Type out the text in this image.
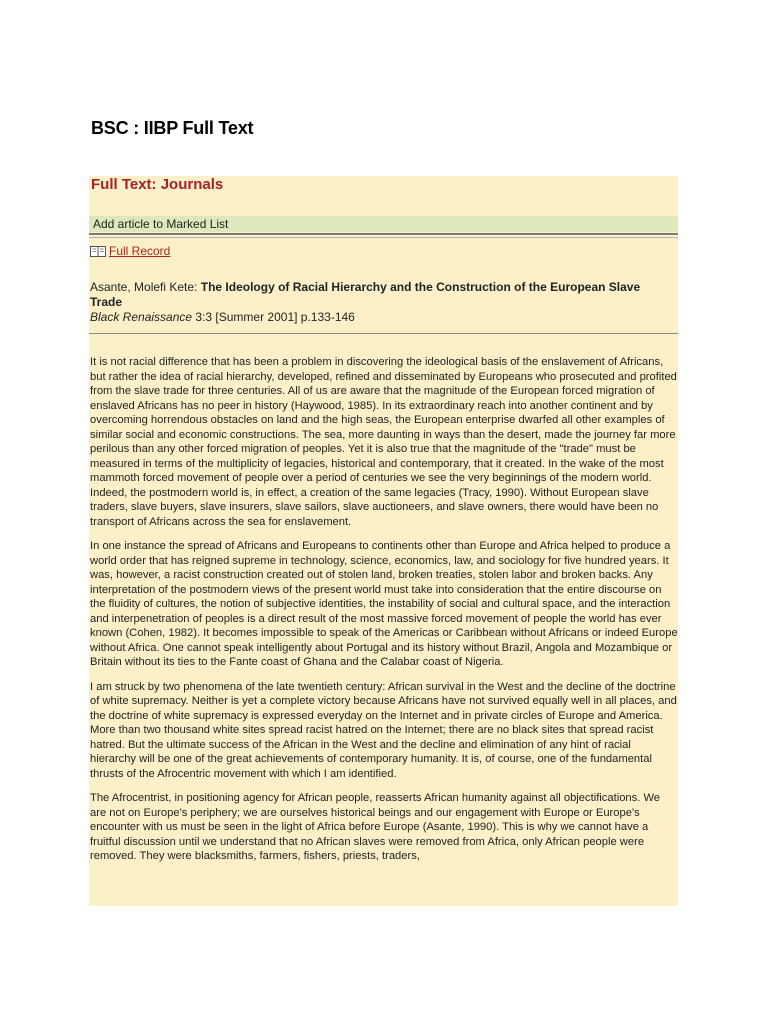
BSC : IIBP Full Text
Full Text: Journals
Add article to Marked List
Full Record
Asante, Molefi Kete: The Ideology of Racial Hierarchy and the Construction of the European Slave Trade
Black Renaissance 3:3 [Summer 2001] p.133-146

It is not racial difference that has been a problem in discovering the ideological basis of the enslavement of Africans, but rather the idea of racial hierarchy, developed, refined and disseminated by Europeans who prosecuted and profited from the slave trade for three centuries. All of us are aware that the magnitude of the European forced migration of enslaved Africans has no peer in history (Haywood, 1985). In its extraordinary reach into another continent and by overcoming horrendous obstacles on land and the high seas, the European enterprise dwarfed all other examples of similar social and economic constructions. The sea, more daunting in ways than the desert, made the journey far more perilous than any other forced migration of peoples. Yet it is also true that the magnitude of the "trade" must be measured in terms of the multiplicity of legacies, historical and contemporary, that it created. In the wake of the most mammoth forced movement of people over a period of centuries we see the very beginnings of the modern world. Indeed, the postmodern world is, in effect, a creation of the same legacies (Tracy, 1990). Without European slave traders, slave buyers, slave insurers, slave sailors, slave auctioneers, and slave owners, there would have been no transport of Africans across the sea for enslavement.

In one instance the spread of Africans and Europeans to continents other than Europe and Africa helped to produce a world order that has reigned supreme in technology, science, economics, law, and sociology for five hundred years. It was, however, a racist construction created out of stolen land, broken treaties, stolen labor and broken backs. Any interpretation of the postmodern views of the present world must take into consideration that the entire discourse on the fluidity of cultures, the notion of subjective identities, the instability of social and cultural space, and the interaction and interpenetration of peoples is a direct result of the most massive forced movement of people the world has ever known (Cohen, 1982). It becomes impossible to speak of the Americas or Caribbean without Africans or indeed Europe without Africa. One cannot speak intelligently about Portugal and its history without Brazil, Angola and Mozambique or Britain without its ties to the Fante coast of Ghana and the Calabar coast of Nigeria.

I am struck by two phenomena of the late twentieth century: African survival in the West and the decline of the doctrine of white supremacy. Neither is yet a complete victory because Africans have not survived equally well in all places, and the doctrine of white supremacy is expressed everyday on the Internet and in private circles of Europe and America. More than two thousand white sites spread racist hatred on the Internet; there are no black sites that spread racist hatred. But the ultimate success of the African in the West and the decline and elimination of any hint of racial hierarchy will be one of the great achievements of contemporary humanity. It is, of course, one of the fundamental thrusts of the Afrocentric movement with which I am identified.

The Afrocentrist, in positioning agency for African people, reasserts African humanity against all objectifications. We are not on Europe's periphery; we are ourselves historical beings and our engagement with Europe or Europe's encounter with us must be seen in the light of Africa before Europe (Asante, 1990). This is why we cannot have a fruitful discussion until we understand that no African slaves were removed from Africa, only African people were removed. They were blacksmiths, farmers, fishers, priests, traders,
